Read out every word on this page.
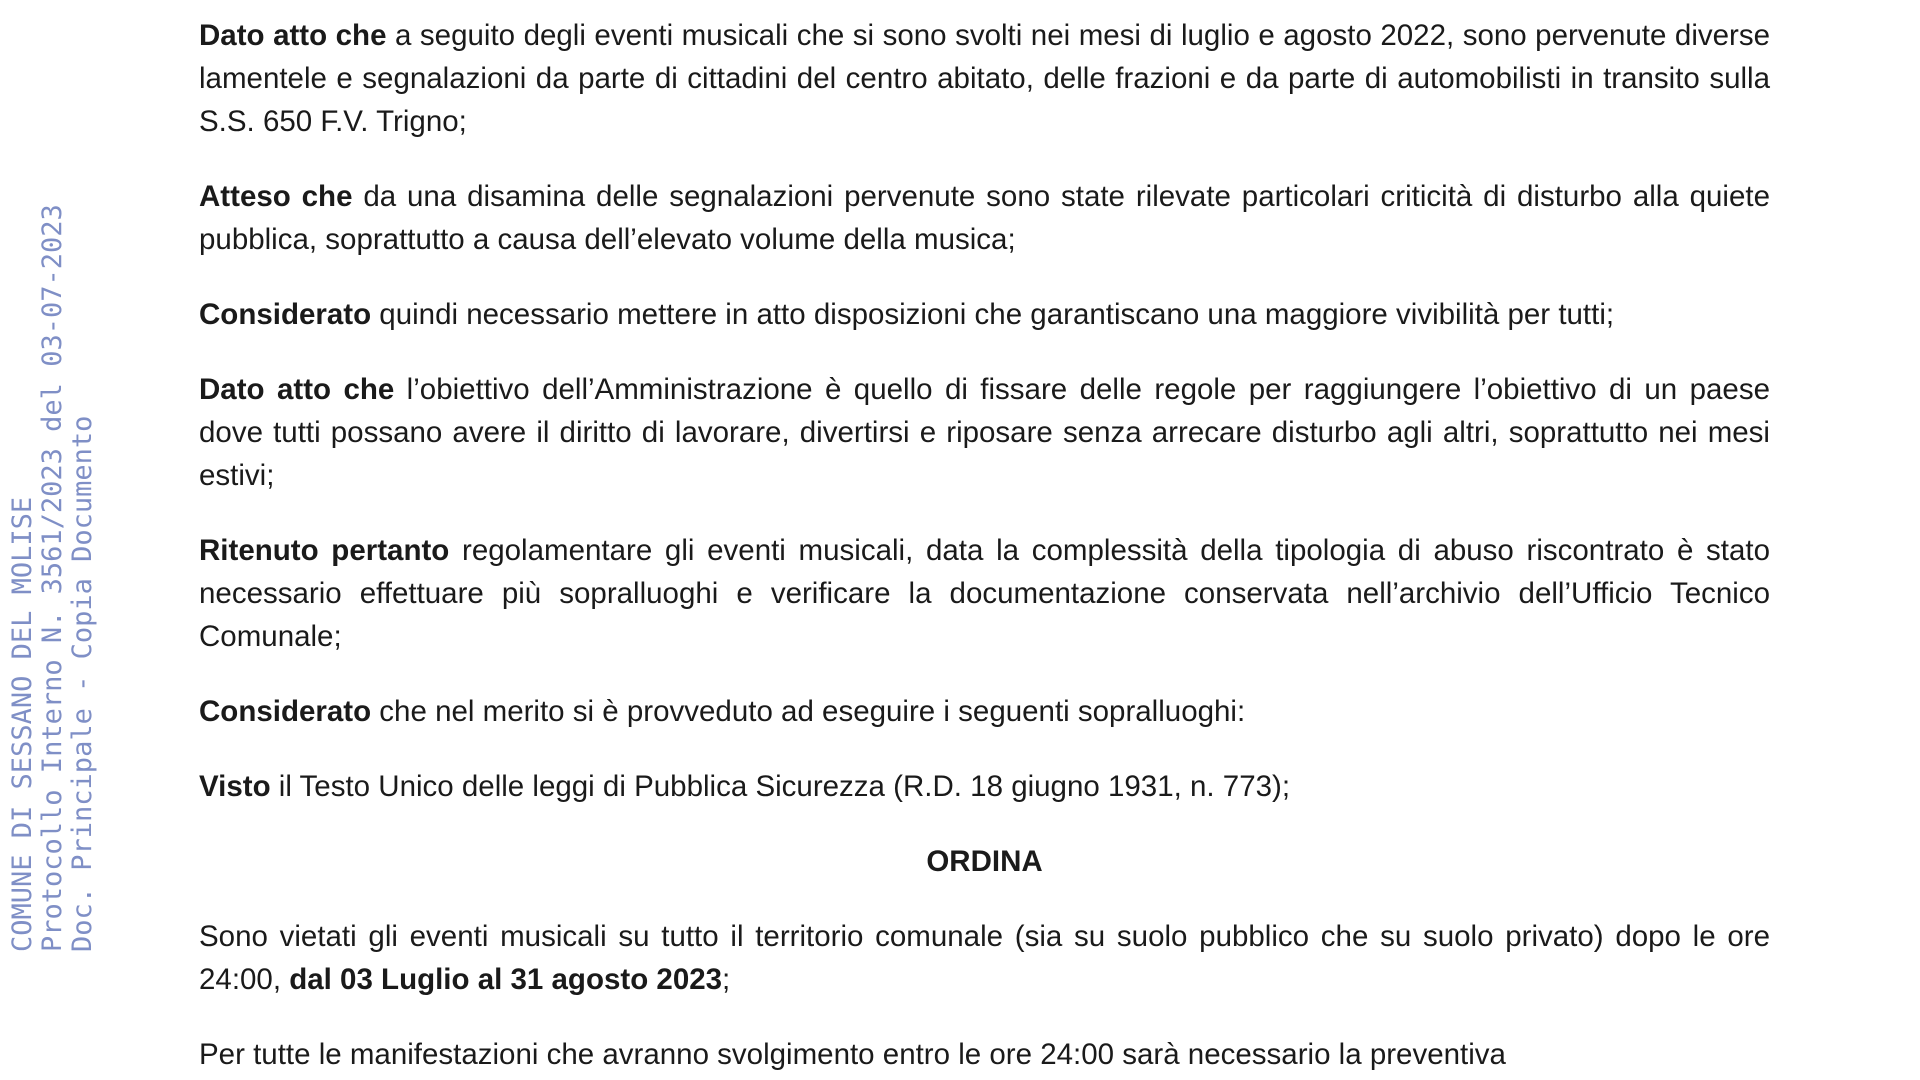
COMUNE DI SESSANO DEL MOLISE Protocollo Interno N. 3561/2023 del 03-07-2023 Doc. Principale - Copia Documento

Dato atto che a seguito degli eventi musicali che si sono svolti nei mesi di luglio e agosto 2022, sono pervenute diverse lamentele e segnalazioni da parte di cittadini del centro abitato, delle frazioni e da parte di automobilisti in transito sulla S.S. 650 F.V. Trigno;

Atteso che da una disamina delle segnalazioni pervenute sono state rilevate particolari criticità di disturbo alla quiete pubblica, soprattutto a causa dell’elevato volume della musica;

Considerato quindi necessario mettere in atto disposizioni che garantiscano una maggiore vivibilità per tutti;

Dato atto che l’obiettivo dell’Amministrazione è quello di fissare delle regole per raggiungere l’obiettivo di un paese dove tutti possano avere il diritto di lavorare, divertirsi e riposare senza arrecare disturbo agli altri, soprattutto nei mesi estivi;

Ritenuto pertanto regolamentare gli eventi musicali, data la complessità della tipologia di abuso riscontrato è stato necessario effettuare più sopralluoghi e verificare la documentazione conservata nell’archivio dell’Ufficio Tecnico Comunale;

Considerato che nel merito si è provveduto ad eseguire i seguenti sopralluoghi:

Visto il Testo Unico delle leggi di Pubblica Sicurezza (R.D. 18 giugno 1931, n. 773);

ORDINA

Sono vietati gli eventi musicali su tutto il territorio comunale (sia su suolo pubblico che su suolo privato) dopo le ore 24:00, dal 03 Luglio al 31 agosto 2023;

Per tutte le manifestazioni che avranno svolgimento entro le ore 24:00 sarà necessario la preventiva
